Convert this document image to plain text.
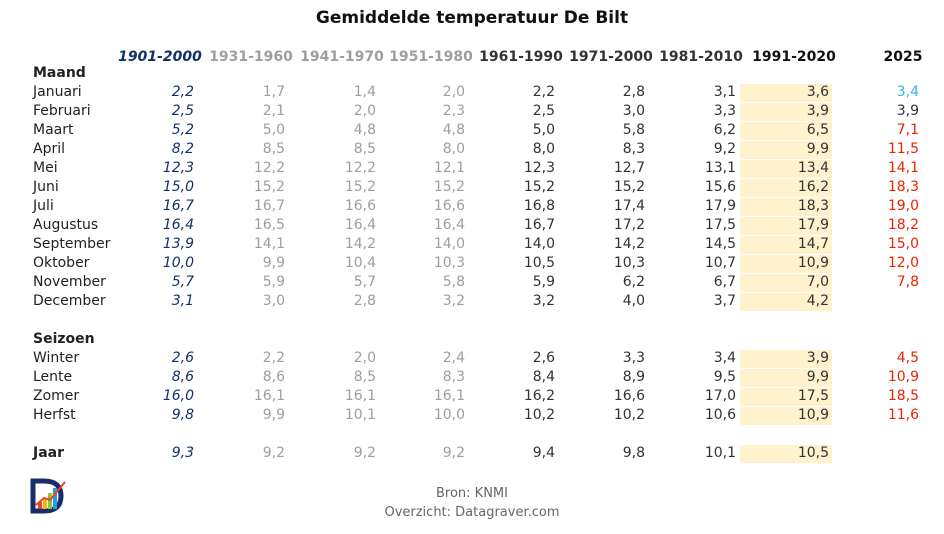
Gemiddelde temperatuur De Bilt
1901-2000 1931-1960 1941-1970 1951-1980 1961-1990 1971-2000 1981-2010 1991-2020	2025
Maand
Januari	2,2	1,7	1,4	2,0	2,2	2,8	3,1	3,6	3,4
Februari	2,5	2,1	2,0	2,3	2,5	3,0	3,3	3,9	3,9
Maart	5,2	5,0	4,8	4,8	5,0	5,8	6,2	6,5	7,1
April	8,2	8,5	8,5	8,0	8,0	8,3	9,2	9,9	11,5
Mei	12,3	12,2	12,2	12,1	12,3	12,7	13,1	13,4	14,1
Juni	15,0	15,2	15,2	15,2	15,2	15,2	15,6	16,2	18,3
Juli	16,7	16,7	16,6	16,6	16,8	17,4	17,9	18,3	19,0
Augustus	16,4	16,5	16,4	16,4	16,7	17,2	17,5	17,9	18,2
September	13,9	14,1	14,2	14,0	14,0	14,2	14,5	14,7	15,0
Oktober	10,0	9,9	10,4	10,3	10,5	10,3	10,7	10,9	12,0
November	5,7	5,9	5,7	5,8	5,9	6,2	6,7	7,0	7,8
December	3,1	3,0	2,8	3,2	3,2	4,0	3,7	4,2
Seizoen
Winter	2,6	2,2	2,0	2,4	2,6	3,3	3,4	3,9	4,5
Lente	8,6	8,6	8,5	8,3	8,4	8,9	9,5	9,9	10,9
Zomer	16,0	16,1	16,1	16,1	16,2	16,6	17,0	17,5	18,5
Herfst	9,8	9,9	10,1	10,0	10,2	10,2	10,6	10,9	11,6
Jaar	9,3	9,2	9,2	9,2	9,4	9,8	10,1	10,5
Bron: KNMI
Overzicht: Datagraver.com
